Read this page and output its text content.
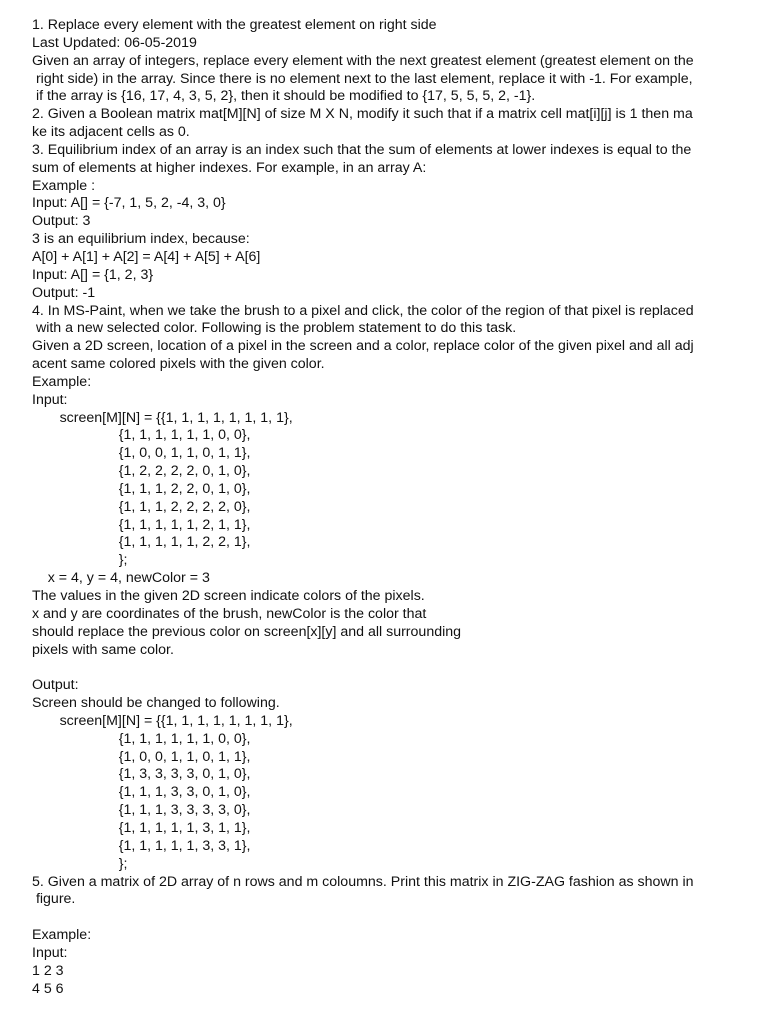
1. Replace every element with the greatest element on right side
Last Updated: 06-05-2019
Given an array of integers, replace every element with the next greatest element (greatest element on the
right side) in the array. Since there is no element next to the last element, replace it with -1. For example,
if the array is {16, 17, 4, 3, 5, 2}, then it should be modified to {17, 5, 5, 5, 2, -1}.
2. Given a Boolean matrix mat[M][N] of size M X N, modify it such that if a matrix cell mat[i][j] is 1 then ma
ke its adjacent cells as 0.
3. Equilibrium index of an array is an index such that the sum of elements at lower indexes is equal to the
sum of elements at higher indexes. For example, in an array A:
Example :
Input: A[] = {-7, 1, 5, 2, -4, 3, 0}
Output: 3
3 is an equilibrium index, because:
A[0] + A[1] + A[2] = A[4] + A[5] + A[6]
Input: A[] = {1, 2, 3}
Output: -1
4. In MS-Paint, when we take the brush to a pixel and click, the color of the region of that pixel is replaced
with a new selected color. Following is the problem statement to do this task.
Given a 2D screen, location of a pixel in the screen and a color, replace color of the given pixel and all adj
acent same colored pixels with the given color.
Example:
Input:
screen[M][N] = {{1, 1, 1, 1, 1, 1, 1, 1},
{1, 1, 1, 1, 1, 1, 0, 0},
{1, 0, 0, 1, 1, 0, 1, 1},
{1, 2, 2, 2, 2, 0, 1, 0},
{1, 1, 1, 2, 2, 0, 1, 0},
{1, 1, 1, 2, 2, 2, 2, 0},
{1, 1, 1, 1, 1, 2, 1, 1},
{1, 1, 1, 1, 1, 2, 2, 1},
};
x = 4, y = 4, newColor = 3
The values in the given 2D screen indicate colors of the pixels.
x and y are coordinates of the brush, newColor is the color that
should replace the previous color on screen[x][y] and all surrounding
pixels with same color.
Output:
Screen should be changed to following.
screen[M][N] = {{1, 1, 1, 1, 1, 1, 1, 1},
{1, 1, 1, 1, 1, 1, 0, 0},
{1, 0, 0, 1, 1, 0, 1, 1},
{1, 3, 3, 3, 3, 0, 1, 0},
{1, 1, 1, 3, 3, 0, 1, 0},
{1, 1, 1, 3, 3, 3, 3, 0},
{1, 1, 1, 1, 1, 3, 1, 1},
{1, 1, 1, 1, 1, 3, 3, 1},
};
5. Given a matrix of 2D array of n rows and m coloumns. Print this matrix in ZIG-ZAG fashion as shown in
figure.
Example:
Input:
1 2 3
4 5 6
